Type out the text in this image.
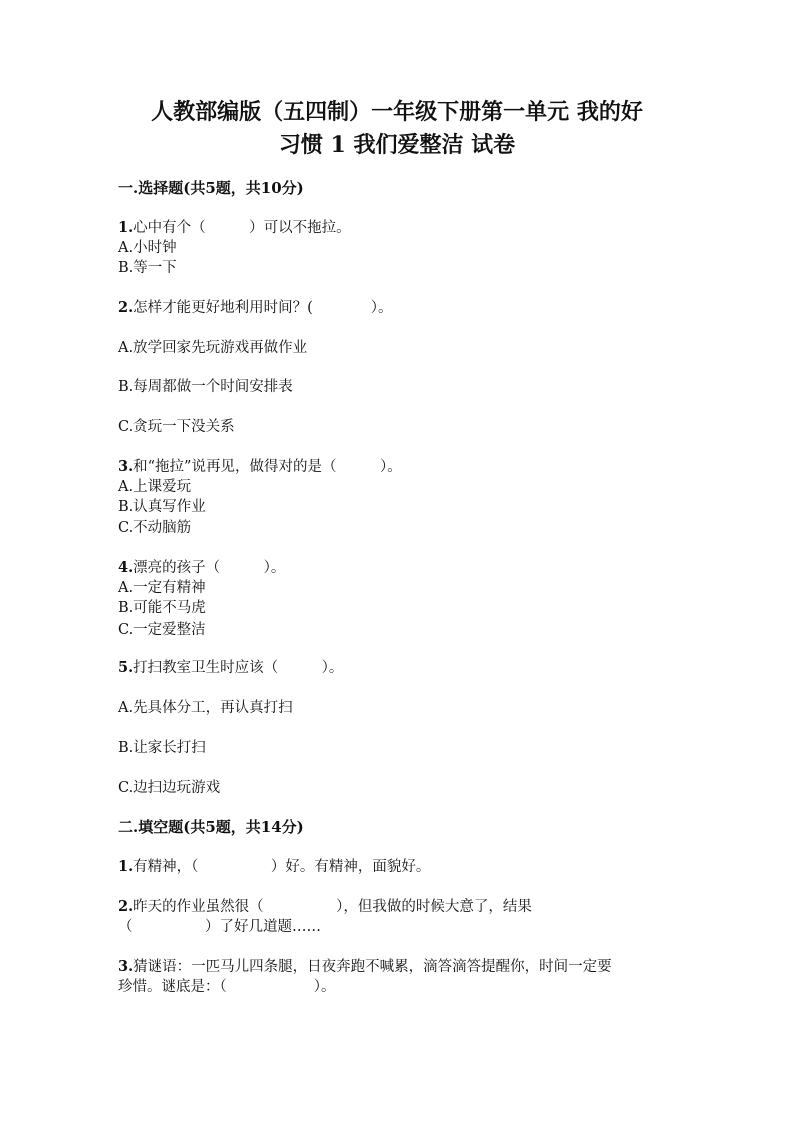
人教部编版（五四制）一年级下册第一单元 我的好
习惯 1 我们爱整洁 试卷

一.选择题(共5题，共10分)

1.心中有个（　　　）可以不拖拉。

A.小时钟

B.等一下

2.怎样才能更好地利用时间？(　　　　）。

A.放学回家先玩游戏再做作业

B.每周都做一个时间安排表

C.贪玩一下没关系

3.和“拖拉”说再见，做得对的是（　　　）。

A.上课爱玩

B.认真写作业

C.不动脑筋

4.漂亮的孩子（　　　）。

A.一定有精神

B.可能不马虎

C.一定爱整洁

5.打扫教室卫生时应该（　　　）。

A.先具体分工，再认真打扫

B.让家长打扫

C.边扫边玩游戏

二.填空题(共5题，共14分)

1.有精神，（　　　　　）好。有精神，面貌好。

2.昨天的作业虽然很（　　　　　），但我做的时候大意了，结果

（　　　　　）了好几道题……

3.猜谜语：一匹马儿四条腿，日夜奔跑不喊累，滴答滴答提醒你，时间一定要

珍惜。谜底是：（　　　　　　）。
